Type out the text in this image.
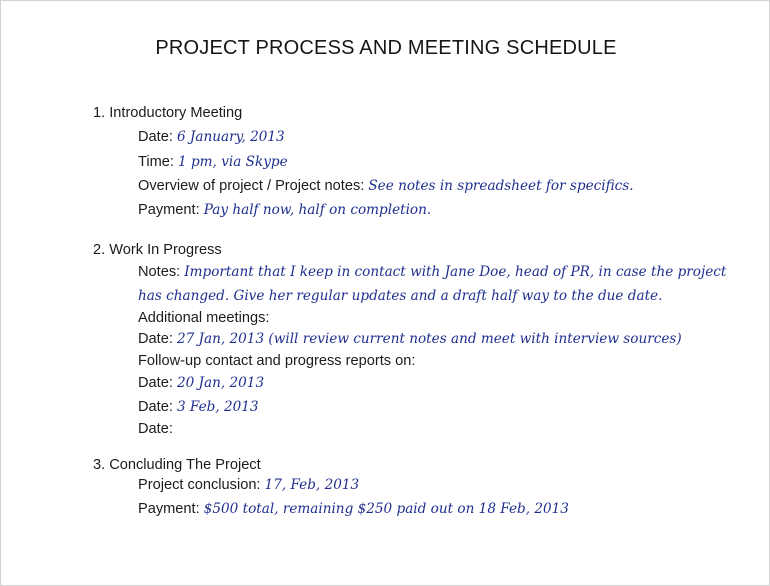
PROJECT PROCESS AND MEETING SCHEDULE
1. Introductory Meeting
Date: 6 January, 2013
Time: 1 pm, via Skype
Overview of project / Project notes: See notes in spreadsheet for specifics.
Payment: Pay half now, half on completion.
2. Work In Progress
Notes: Important that I keep in contact with Jane Doe, head of PR, in case the project
has changed. Give her regular updates and a draft half way to the due date.
Additional meetings:
Date: 27 Jan, 2013 (will review current notes and meet with interview sources)
Follow-up contact and progress reports on:
Date: 20 Jan, 2013
Date: 3 Feb, 2013
Date:
3. Concluding The Project
Project conclusion: 17, Feb, 2013
Payment: $500 total, remaining $250 paid out on 18 Feb, 2013
